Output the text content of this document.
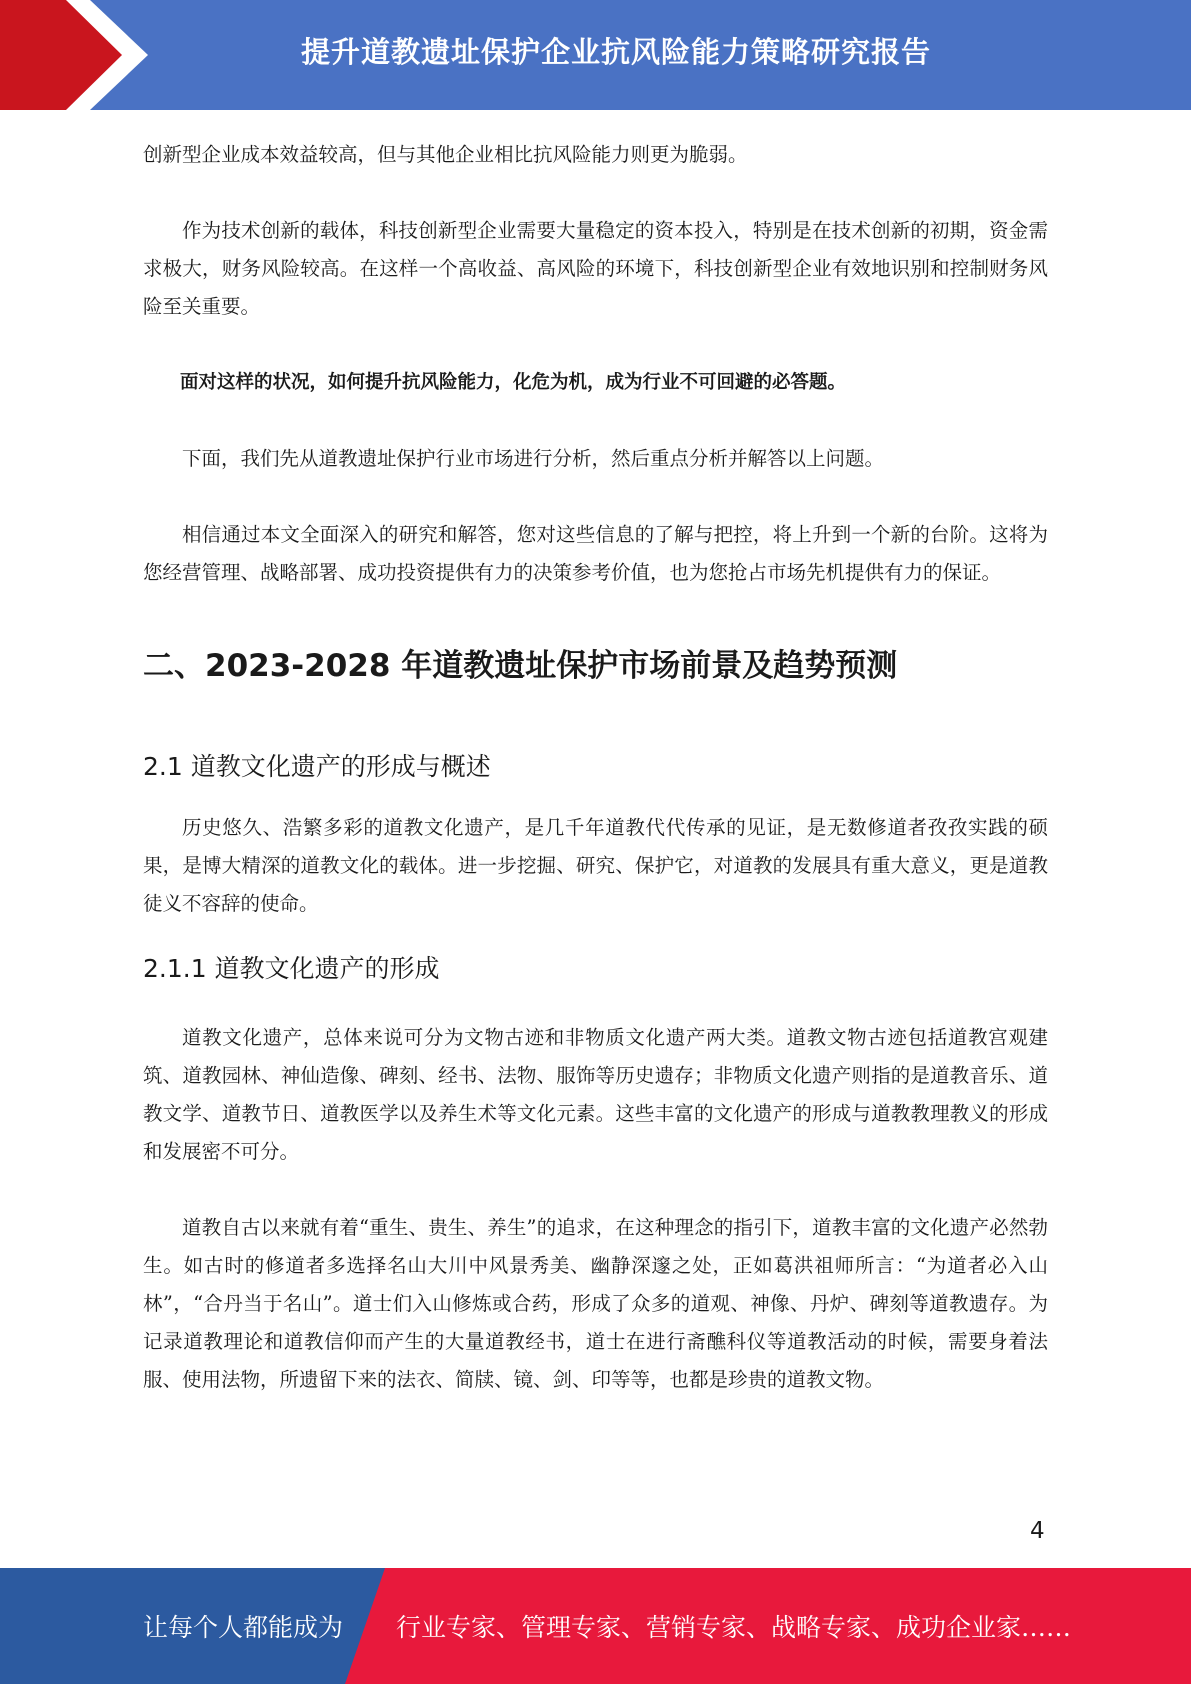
提升道教遗址保护企业抗风险能力策略研究报告

创新型企业成本效益较高，但与其他企业相比抗风险能力则更为脆弱。

作为技术创新的载体，科技创新型企业需要大量稳定的资本投入，特别是在技术创新的初期，资金需求极大，财务风险较高。在这样一个高收益、高风险的环境下，科技创新型企业有效地识别和控制财务风险至关重要。

面对这样的状况，如何提升抗风险能力，化危为机，成为行业不可回避的必答题。

下面，我们先从道教遗址保护行业市场进行分析，然后重点分析并解答以上问题。

相信通过本文全面深入的研究和解答，您对这些信息的了解与把控，将上升到一个新的台阶。这将为您经营管理、战略部署、成功投资提供有力的决策参考价值，也为您抢占市场先机提供有力的保证。

二、2023-2028 年道教遗址保护市场前景及趋势预测
2.1 道教文化遗产的形成与概述

历史悠久、浩繁多彩的道教文化遗产，是几千年道教代代传承的见证，是无数修道者孜孜实践的硕果，是博大精深的道教文化的载体。进一步挖掘、研究、保护它，对道教的发展具有重大意义，更是道教徒义不容辞的使命。

2.1.1 道教文化遗产的形成

道教文化遗产，总体来说可分为文物古迹和非物质文化遗产两大类。道教文物古迹包括道教宫观建筑、道教园林、神仙造像、碑刻、经书、法物、服饰等历史遗存；非物质文化遗产则指的是道教音乐、道教文学、道教节日、道教医学以及养生术等文化元素。这些丰富的文化遗产的形成与道教教理教义的形成和发展密不可分。

道教自古以来就有着“重生、贵生、养生”的追求，在这种理念的指引下，道教丰富的文化遗产必然勃生。如古时的修道者多选择名山大川中风景秀美、幽静深邃之处，正如葛洪祖师所言：“为道者必入山林”，“合丹当于名山”。道士们入山修炼或合药，形成了众多的道观、神像、丹炉、碑刻等道教遗存。为记录道教理论和道教信仰而产生的大量道教经书，道士在进行斋醮科仪等道教活动的时候，需要身着法服、使用法物，所遗留下来的法衣、简牍、镜、剑、印等等，也都是珍贵的道教文物。

4
让每个人都能成为 行业专家、管理专家、营销专家、战略专家、成功企业家……
